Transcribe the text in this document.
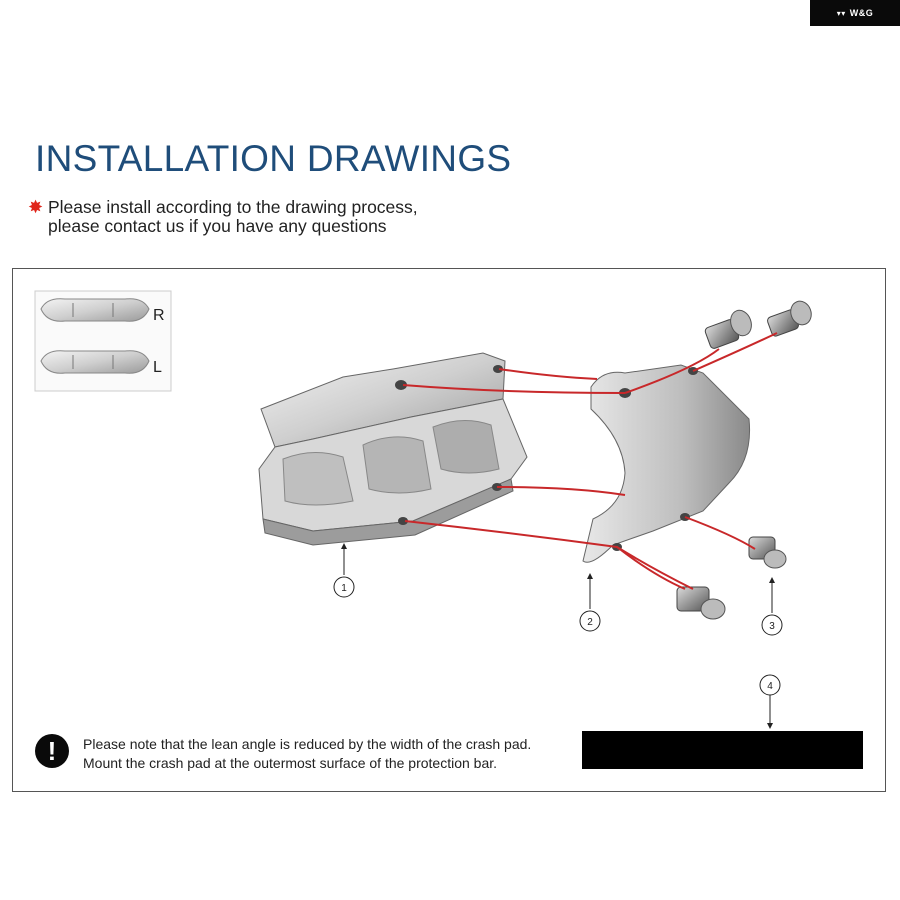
▾▾ W&G
INSTALLATION DRAWINGS
✸ Please install according to the drawing process,
please contact us if you have any questions
R
L
1
2	3
4
!	Please note that the lean angle is reduced by the width of the crash pad.
Mount the crash pad at the outermost surface of the protection bar.
